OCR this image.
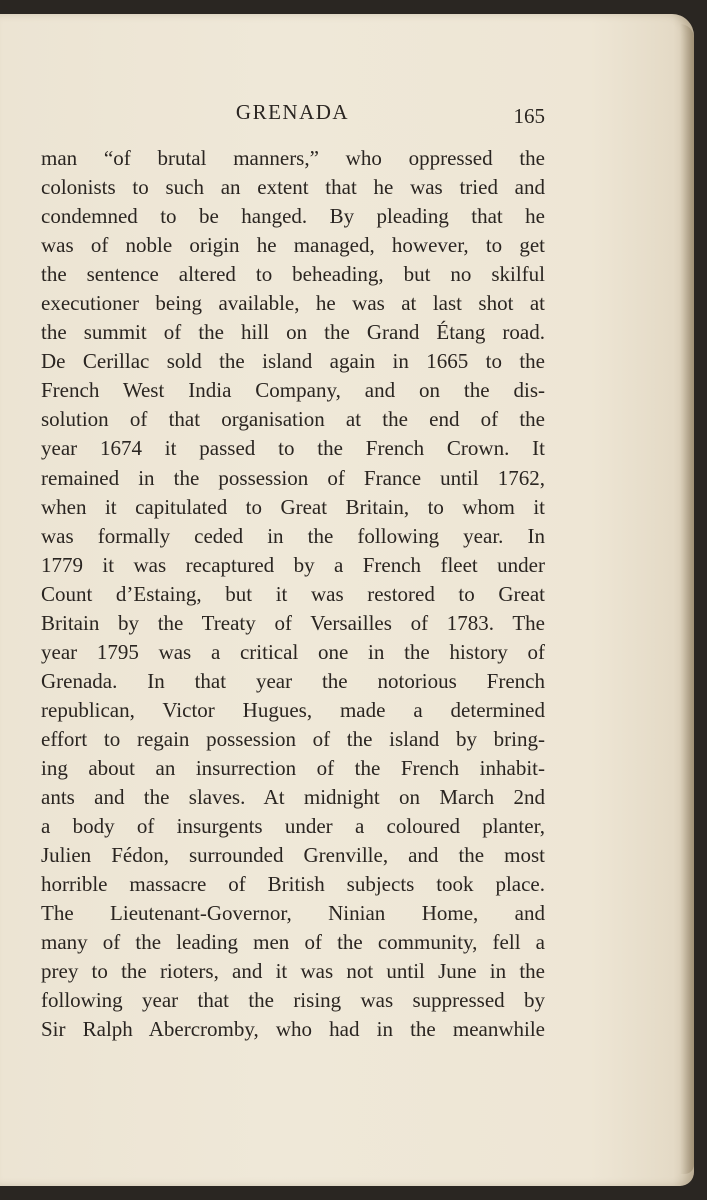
GRENADA	165
man “of brutal manners,” who oppressed the
colonists to such an extent that he was tried and
condemned to be hanged. By pleading that he
was of noble origin he managed, however, to get
the sentence altered to beheading, but no skilful
executioner being available, he was at last shot at
the summit of the hill on the Grand Étang road.
De Cerillac sold the island again in 1665 to the
French West India Company, and on the dis-
solution of that organisation at the end of the
year 1674 it passed to the French Crown. It
remained in the possession of France until 1762,
when it capitulated to Great Britain, to whom it
was formally ceded in the following year. In
1779 it was recaptured by a French fleet under
Count d’Estaing, but it was restored to Great
Britain by the Treaty of Versailles of 1783. The
year 1795 was a critical one in the history of
Grenada. In that year the notorious French
republican, Victor Hugues, made a determined
effort to regain possession of the island by bring-
ing about an insurrection of the French inhabit-
ants and the slaves. At midnight on March 2nd
a body of insurgents under a coloured planter,
Julien Fédon, surrounded Grenville, and the most
horrible massacre of British subjects took place.
The Lieutenant-Governor, Ninian Home, and
many of the leading men of the community, fell a
prey to the rioters, and it was not until June in the
following year that the rising was suppressed by
Sir Ralph Abercromby, who had in the meanwhile
